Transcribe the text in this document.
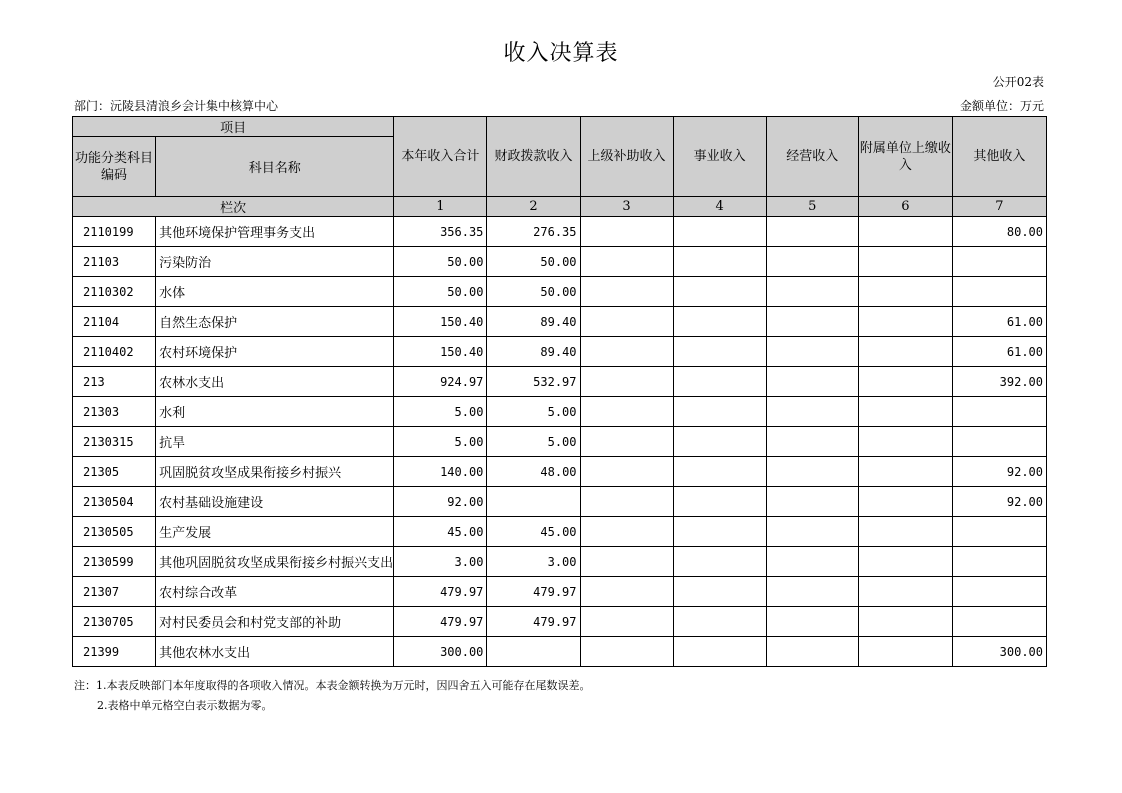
收入决算表
公开02表
部门：沅陵县清浪乡会计集中核算中心	金额单位：万元
项目		本年收入合计	财政拨款收入	上级补助收入	事业收入	经营收入	附属单位上缴收入	其他收入
功能分类科目编码	科目名称							
栏次		1	2	3	4	5	6	7
2110199	其他环境保护管理事务支出	356.35	276.35					80.00
21103	污染防治	50.00	50.00					
2110302	水体	50.00	50.00					
21104	自然生态保护	150.40	89.40					61.00
2110402	农村环境保护	150.40	89.40					61.00
213	农林水支出	924.97	532.97					392.00
21303	水利	5.00	5.00					
2130315	抗旱	5.00	5.00					
21305	巩固脱贫攻坚成果衔接乡村振兴	140.00	48.00					92.00
2130504	农村基础设施建设	92.00						92.00
2130505	生产发展	45.00	45.00					
2130599	其他巩固脱贫攻坚成果衔接乡村振兴支出	3.00	3.00					
21307	农村综合改革	479.97	479.97					
2130705	对村民委员会和村党支部的补助	479.97	479.97					
21399	其他农林水支出	300.00						300.00
注：1.本表反映部门本年度取得的各项收入情况。本表金额转换为万元时，因四舍五入可能存在尾数误差。
2.表格中单元格空白表示数据为零。
